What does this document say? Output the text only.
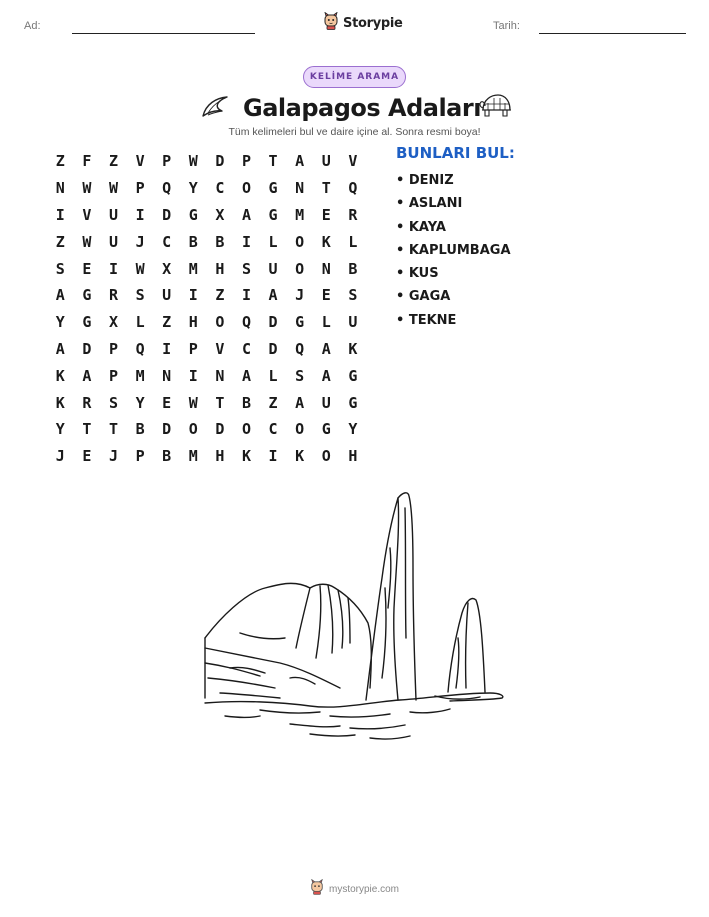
Ad:	Tarih:
Storypie
KELİME ARAMA
Galapagos Adaları
Tüm kelimeleri bul ve daire içine al. Sonra resmi boya!
Z	F	Z	V	P	W	D	P	T	A	U	V
N	W	W	P	Q	Y	C	O	G	N	T	Q
I	V	U	I	D	G	X	A	G	M	E	R
Z	W	U	J	C	B	B	I	L	O	K	L
S	E	I	W	X	M	H	S	U	O	N	B
A	G	R	S	U	I	Z	I	A	J	E	S
Y	G	X	L	Z	H	O	Q	D	G	L	U
A	D	P	Q	I	P	V	C	D	Q	A	K
K	A	P	M	N	I	N	A	L	S	A	G
K	R	S	Y	E	W	T	B	Z	A	U	G
Y	T	T	B	D	O	D	O	C	O	G	Y
J	E	J	P	B	M	H	K	I	K	O	H
BUNLARI BUL:
• DENIZ
• ASLANI
• KAYA
• KAPLUMBAGA
• KUS
• GAGA
• TEKNE
mystorypie.com
